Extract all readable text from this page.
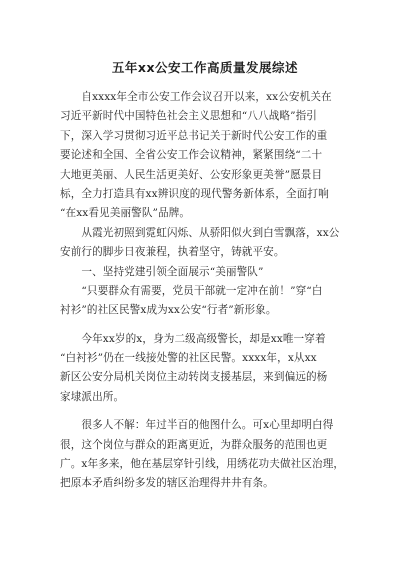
五年xx公安工作高质量发展综述
　　自xxxx年全市公安工作会议召开以来，xx公安机关在
习近平新时代中国特色社会主义思想和“八八战略”指引
下，深入学习贯彻习近平总书记关于新时代公安工作的重
要论述和全国、全省公安工作会议精神，紧紧围绕“二十
大地更美丽、人民生活更美好、公安形象更美誉”愿景目
标，全力打造具有xx辨识度的现代警务新体系，全面打响
“在xx看见美丽警队”品牌。
　　从霞光初照到霓虹闪烁、从骄阳似火到白雪飘落，xx公
安前行的脚步日夜兼程，执着坚守，铸就平安。
　　一、坚持党建引领全面展示“美丽警队”
　　“只要群众有需要，党员干部就一定冲在前！”穿“白
衬衫”的社区民警x成为xx公安“行者”新形象。
　　今年xx岁的x，身为二级高级警长，却是xx唯一穿着
“白衬衫”仍在一线接处警的社区民警。xxxx年，x从xx
新区公安分局机关岗位主动转岗支援基层，来到偏远的杨
家埭派出所。
　　很多人不解：年过半百的他图什么。可x心里却明白得
很，这个岗位与群众的距离更近，为群众服务的范围也更
广。x年多来，他在基层穿针引线，用绣花功夫做社区治理，
把原本矛盾纠纷多发的辖区治理得井井有条。
